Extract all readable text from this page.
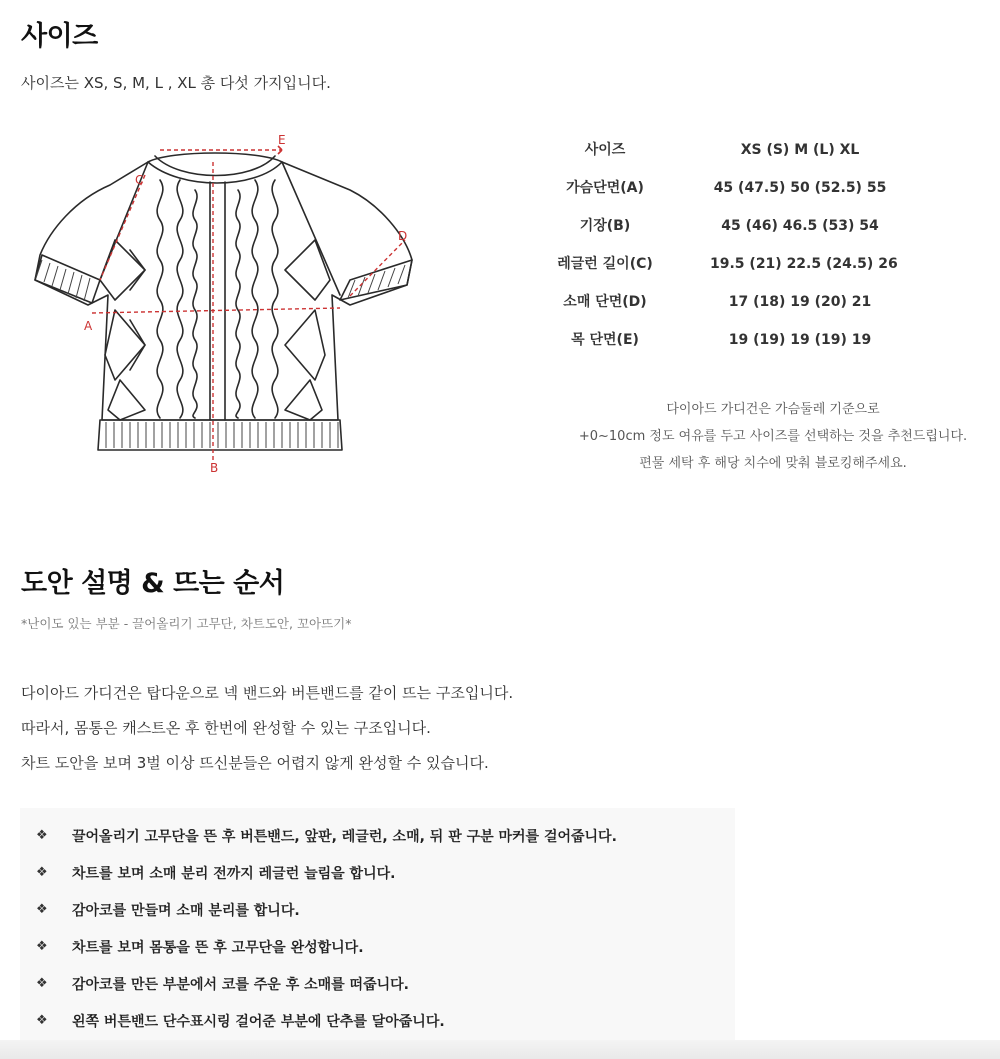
사이즈
사이즈는 XS, S, M, L , XL 총 다섯 가지입니다.
E
A
B
C
D
사이즈	XS (S) M (L) XL
가슴단면(A)	45 (47.5) 50 (52.5) 55
기장(B)	45 (46) 46.5 (53) 54
레글런 길이(C)	19.5 (21) 22.5 (24.5) 26
소매 단면(D)	17 (18) 19 (20) 21
목 단면(E)	19 (19) 19 (19) 19
다이아드 가디건은 가슴둘레 기준으로
+0~10cm 정도 여유를 두고 사이즈를 선택하는 것을 추천드립니다.
편물 세탁 후 해당 치수에 맞춰 블로킹해주세요.
도안 설명 & 뜨는 순서
*난이도 있는 부분 - 끌어올리기 고무단, 차트도안, 꼬아뜨기*
다이아드 가디건은 탑다운으로 넥 밴드와 버튼밴드를 같이 뜨는 구조입니다.
따라서, 몸통은 캐스트온 후 한번에 완성할 수 있는 구조입니다.
차트 도안을 보며 3벌 이상 뜨신분들은 어렵지 않게 완성할 수 있습니다.
❖ 끌어올리기 고무단을 뜬 후 버튼밴드, 앞판, 레글런, 소매, 뒤 판 구분 마커를 걸어줍니다.
❖ 차트를 보며 소매 분리 전까지 레글런 늘림을 합니다.
❖ 감아코를 만들며 소매 분리를 합니다.
❖ 차트를 보며 몸통을 뜬 후 고무단을 완성합니다.
❖ 감아코를 만든 부분에서 코를 주운 후 소매를 떠줍니다.
❖ 왼쪽 버튼밴드 단수표시링 걸어준 부분에 단추를 달아줍니다.
